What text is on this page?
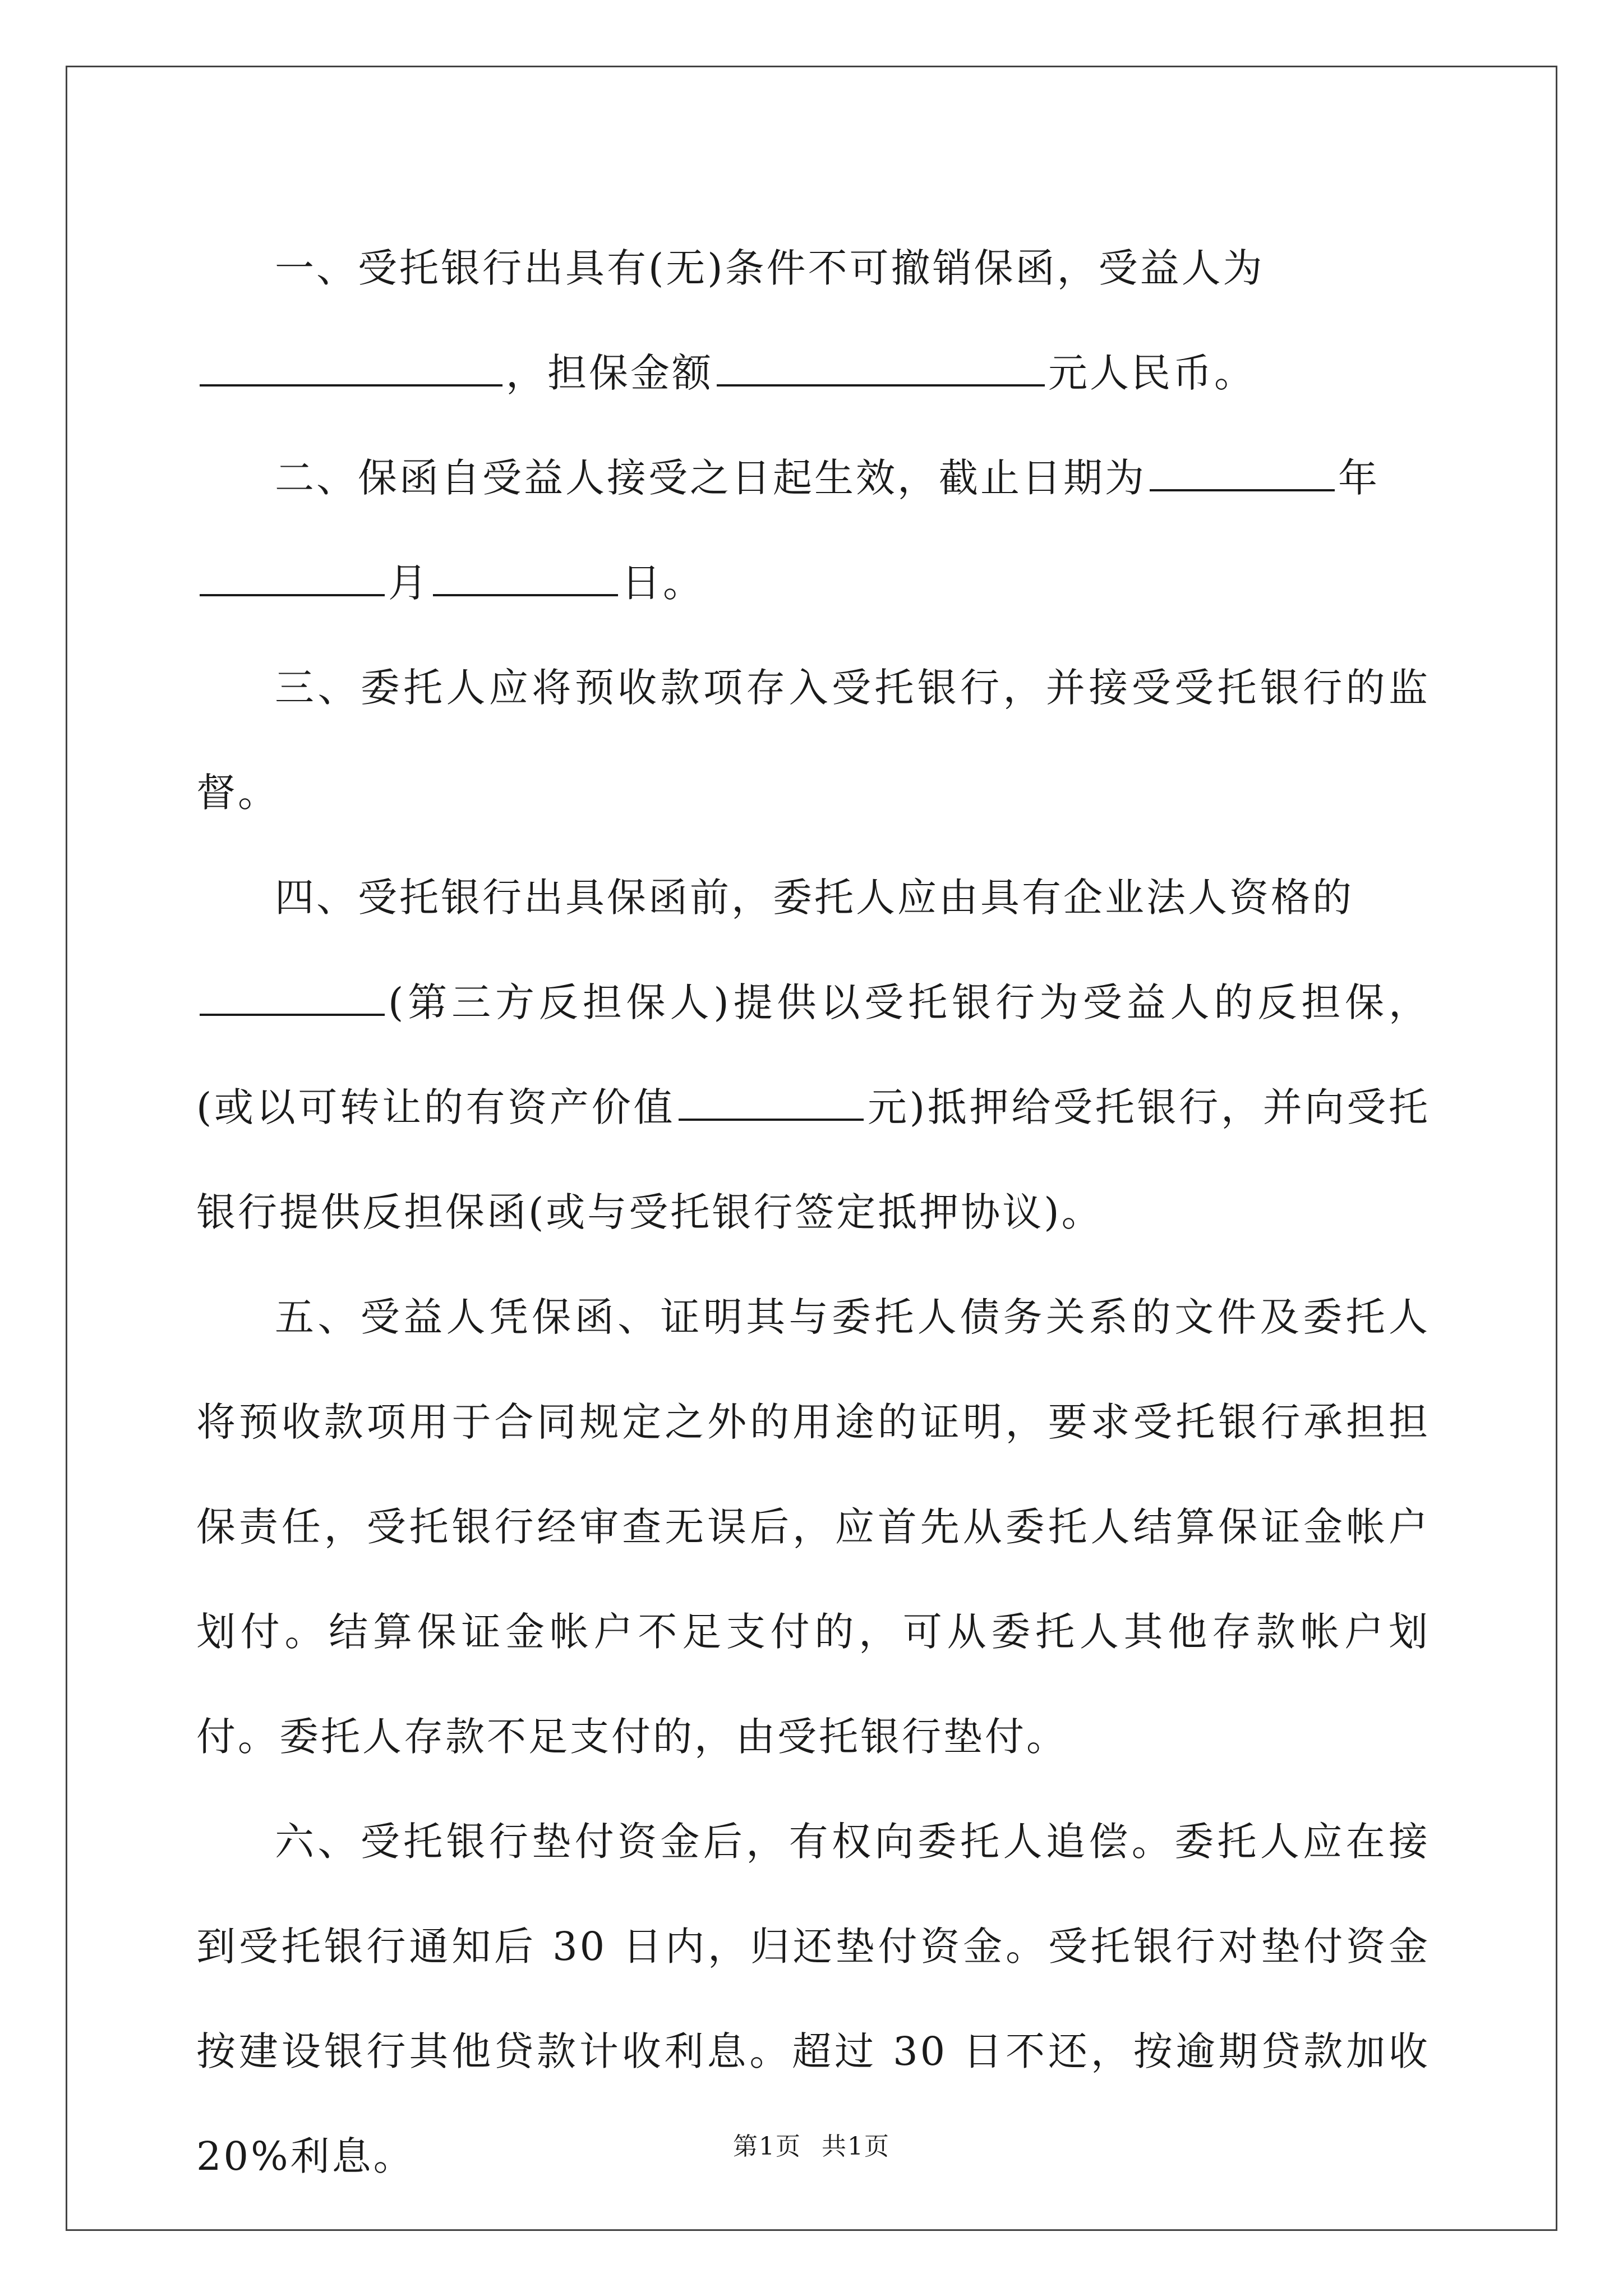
一、受托银行出具有(无)条件不可撤销保函，受益人为
，担保金额	元人民币。

二、保函自受益人接受之日起生效，截止日期为	年
月	日。

三、委托人应将预收款项存入受托银行，并接受受托银行的监督。

四、受托银行出具保函前，委托人应由具有企业法人资格的
(第三方反担保人)提供以受托银行为受益人的反担保，(或以可转让的有资产价值	元)抵押给受托银行，并向受托银行提供反担保函(或与受托银行签定抵押协议)。

五、受益人凭保函、证明其与委托人债务关系的文件及委托人将预收款项用于合同规定之外的用途的证明，要求受托银行承担担保责任，受托银行经审查无误后，应首先从委托人结算保证金帐户划付。结算保证金帐户不足支付的，可从委托人其他存款帐户划付。委托人存款不足支付的，由受托银行垫付。

六、受托银行垫付资金后，有权向委托人追偿。委托人应在接到受托银行通知后 30 日内，归还垫付资金。受托银行对垫付资金按建设银行其他贷款计收利息。超过 30 日不还，按逾期贷款加收 20%利息。	第1页 共1页
